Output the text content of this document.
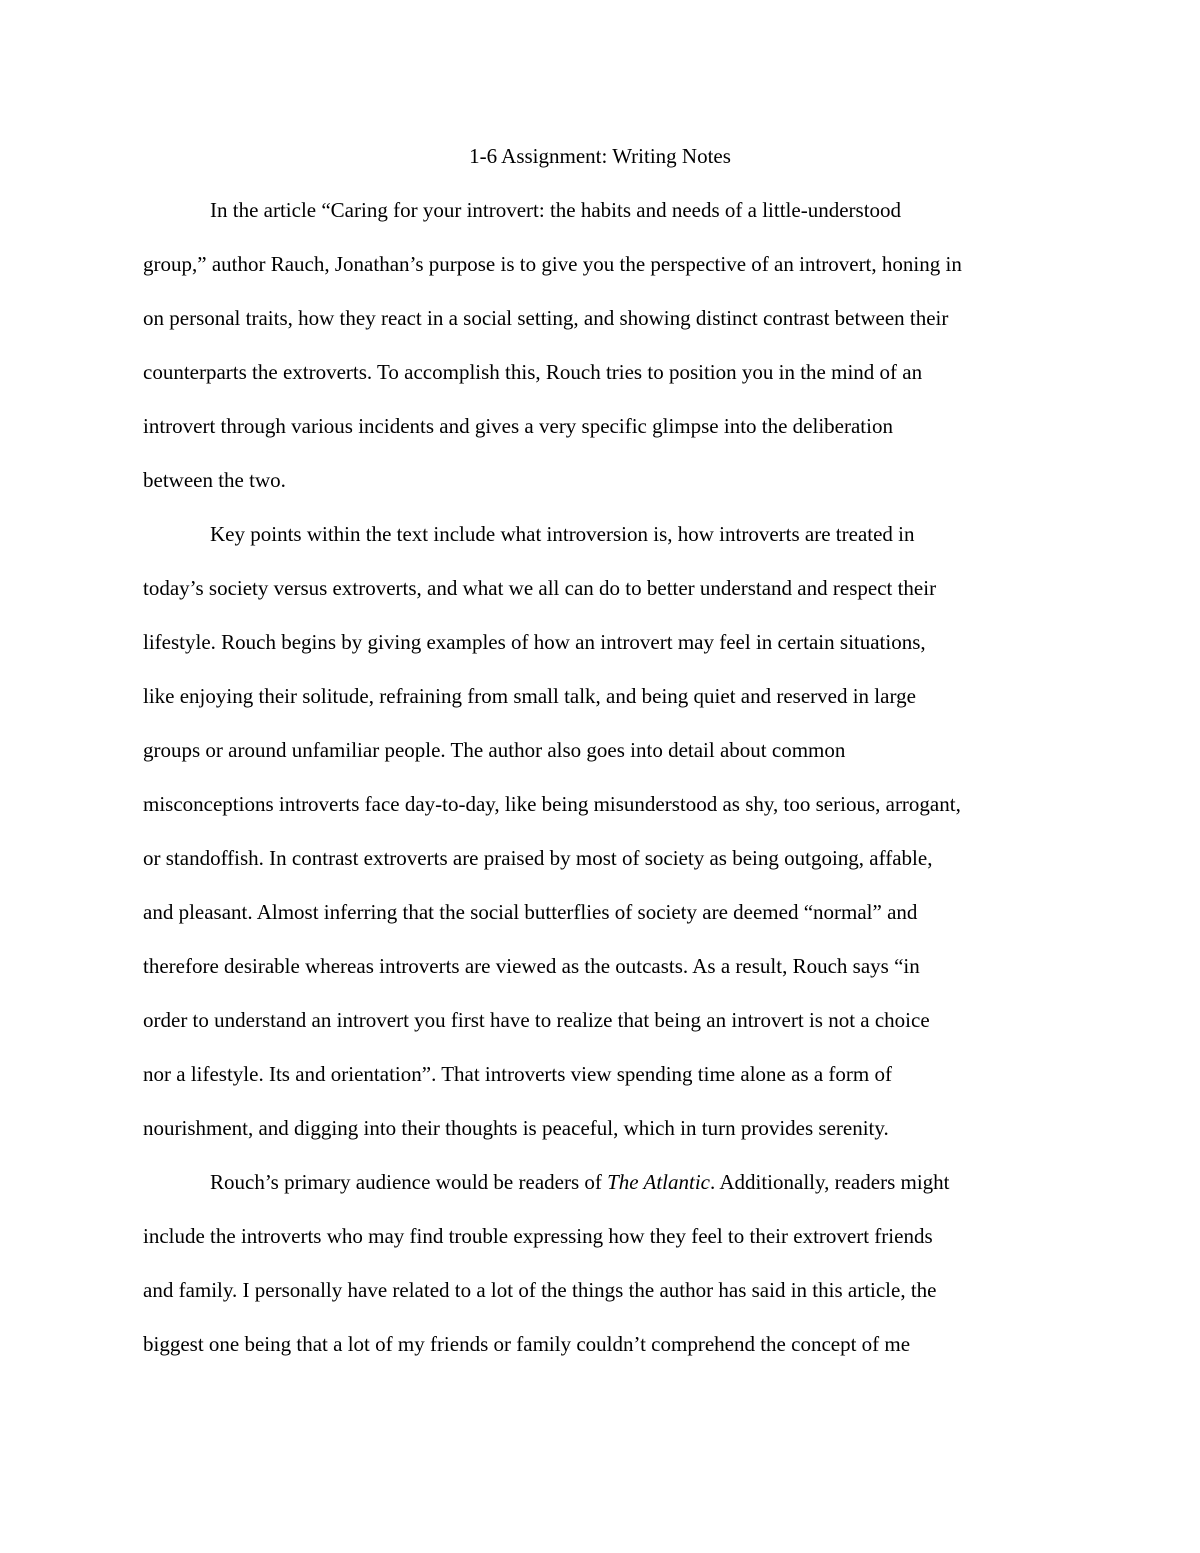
1-6 Assignment: Writing Notes

In the article “Caring for your introvert: the habits and needs of a little-understood

group,” author Rauch, Jonathan’s purpose is to give you the perspective of an introvert, honing in

on personal traits, how they react in a social setting, and showing distinct contrast between their

counterparts the extroverts. To accomplish this, Rouch tries to position you in the mind of an

introvert through various incidents and gives a very specific glimpse into the deliberation

between the two.

Key points within the text include what introversion is, how introverts are treated in

today’s society versus extroverts, and what we all can do to better understand and respect their

lifestyle. Rouch begins by giving examples of how an introvert may feel in certain situations,

like enjoying their solitude, refraining from small talk, and being quiet and reserved in large

groups or around unfamiliar people. The author also goes into detail about common

misconceptions introverts face day-to-day, like being misunderstood as shy, too serious, arrogant,

or standoffish. In contrast extroverts are praised by most of society as being outgoing, affable,

and pleasant. Almost inferring that the social butterflies of society are deemed “normal” and

therefore desirable whereas introverts are viewed as the outcasts. As a result, Rouch says “in

order to understand an introvert you first have to realize that being an introvert is not a choice

nor a lifestyle. Its and orientation”. That introverts view spending time alone as a form of

nourishment, and digging into their thoughts is peaceful, which in turn provides serenity.

Rouch’s primary audience would be readers of The Atlantic. Additionally, readers might

include the introverts who may find trouble expressing how they feel to their extrovert friends

and family. I personally have related to a lot of the things the author has said in this article, the

biggest one being that a lot of my friends or family couldn’t comprehend the concept of me
